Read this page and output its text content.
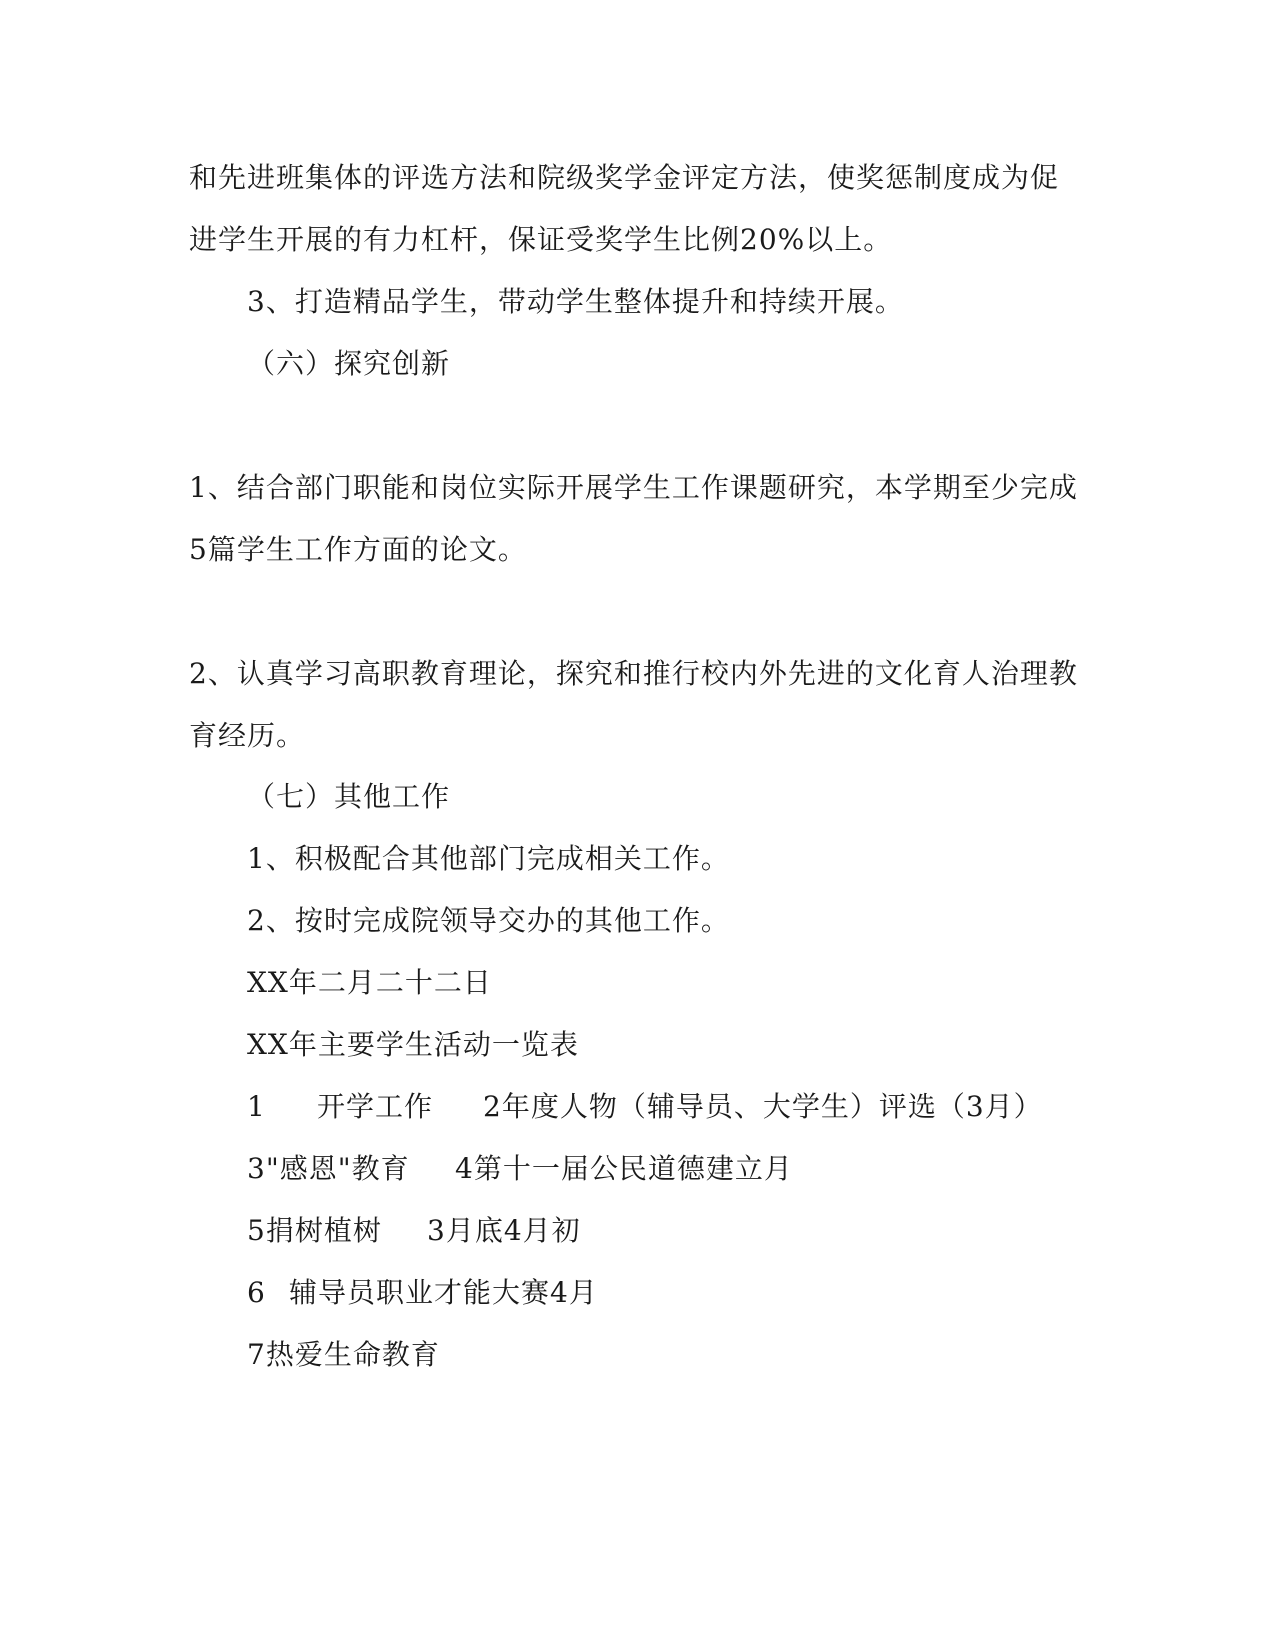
和先进班集体的评选方法和院级奖学金评定方法，使奖惩制度成为促
进学生开展的有力杠杆，保证受奖学生比例20%以上。
3、打造精品学生，带动学生整体提升和持续开展。
（六）探究创新
1、结合部门职能和岗位实际开展学生工作课题研究，本学期至少完成
5篇学生工作方面的论文。
2、认真学习高职教育理论，探究和推行校内外先进的文化育人治理教
育经历。
（七）其他工作
1、积极配合其他部门完成相关工作。
2、按时完成院领导交办的其他工作。
XX年二月二十二日
XX年主要学生活动一览表
1 开学工作 2年度人物（辅导员、大学生）评选（3月）
3"感恩"教育 4第十一届公民道德建立月
5捐树植树 3月底4月初
6 辅导员职业才能大赛4月
7热爱生命教育
